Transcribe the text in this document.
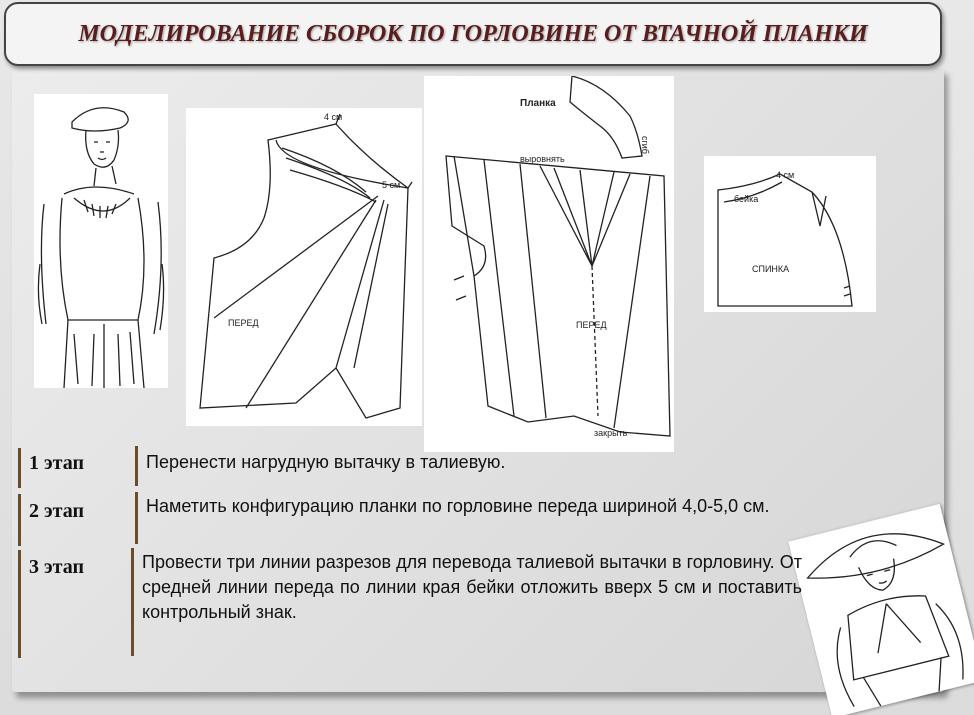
МОДЕЛИРОВАНИЕ СБОРОК ПО ГОРЛОВИНЕ ОТ ВТАЧНОЙ ПЛАНКИ
4 см
5 см
ПЕРЕД
Планка
сгиб
выровнять
ПЕРЕД
закрыть
4 см
бейка
СПИНКА
1 этап	Перенести нагрудную вытачку в талиевую.
2 этап	Наметить конфигурацию планки по горловине переда шириной 4,0-5,0 см.
3 этап	Провести три линии разрезов для перевода талиевой вытачки в горловину. От средней линии переда по линии края бейки отложить вверх 5 см и поставить контрольный знак.
